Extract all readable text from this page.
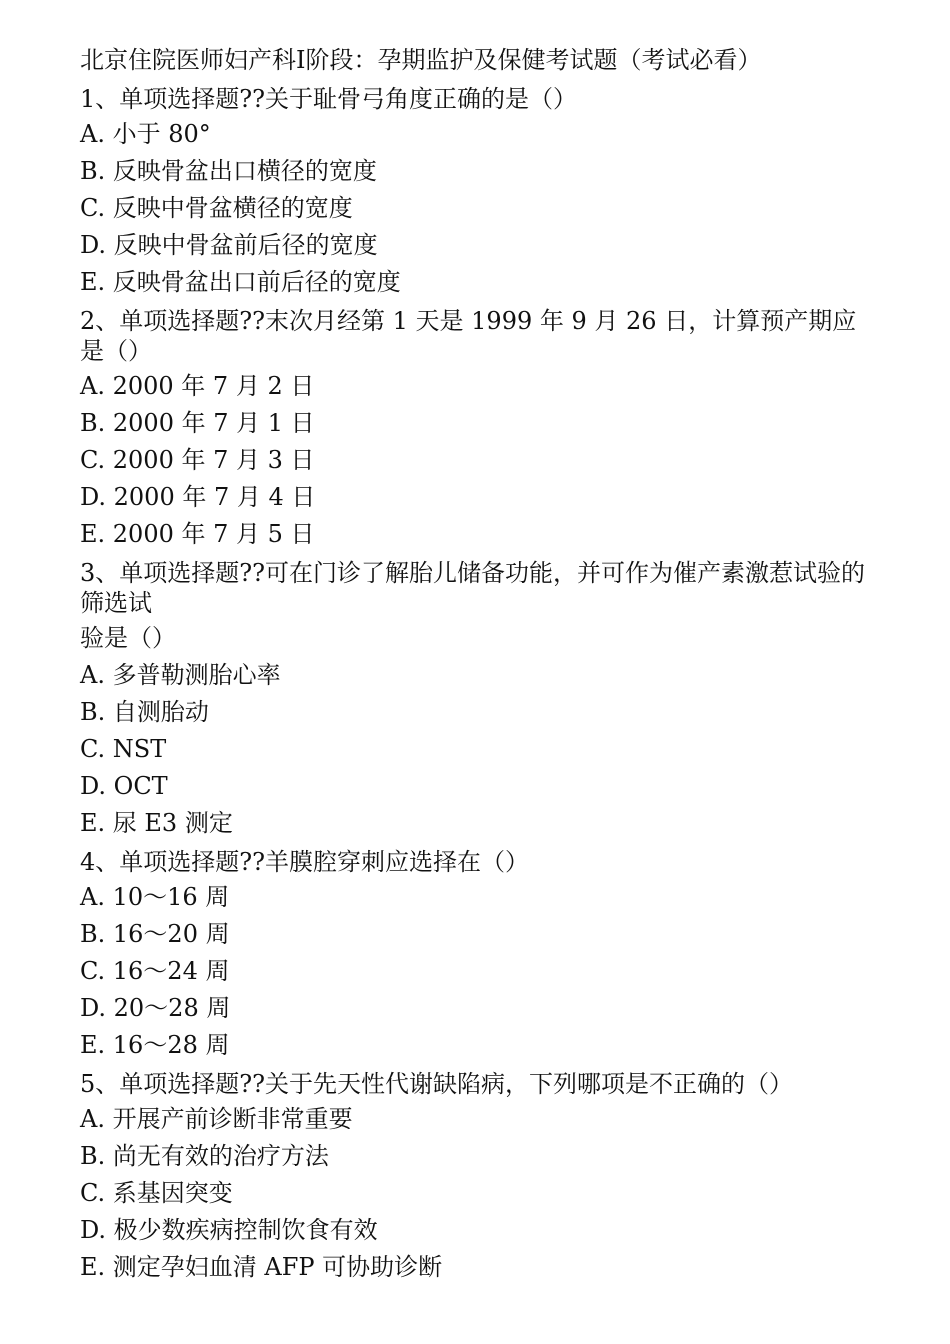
北京住院医师妇产科Ⅰ阶段：孕期监护及保健考试题（考试必看）
1、单项选择题??关于耻骨弓角度正确的是（）
A. 小于 80°
B. 反映骨盆出口横径的宽度
C. 反映中骨盆横径的宽度
D. 反映中骨盆前后径的宽度
E. 反映骨盆出口前后径的宽度
2、单项选择题??末次月经第 1 天是 1999 年 9 月 26 日，计算预产期应是（）
A. 2000 年 7 月 2 日
B. 2000 年 7 月 1 日
C. 2000 年 7 月 3 日
D. 2000 年 7 月 4 日
E. 2000 年 7 月 5 日
3、单项选择题??可在门诊了解胎儿储备功能，并可作为催产素激惹试验的筛选试
验是（）
A. 多普勒测胎心率
B. 自测胎动
C. NST
D. OCT
E. 尿 E3 测定
4、单项选择题??羊膜腔穿刺应选择在（）
A. 10～16 周
B. 16～20 周
C. 16～24 周
D. 20～28 周
E. 16～28 周
5、单项选择题??关于先天性代谢缺陷病，下列哪项是不正确的（）
A. 开展产前诊断非常重要
B. 尚无有效的治疗方法
C. 系基因突变
D. 极少数疾病控制饮食有效
E. 测定孕妇血清 AFP 可协助诊断
